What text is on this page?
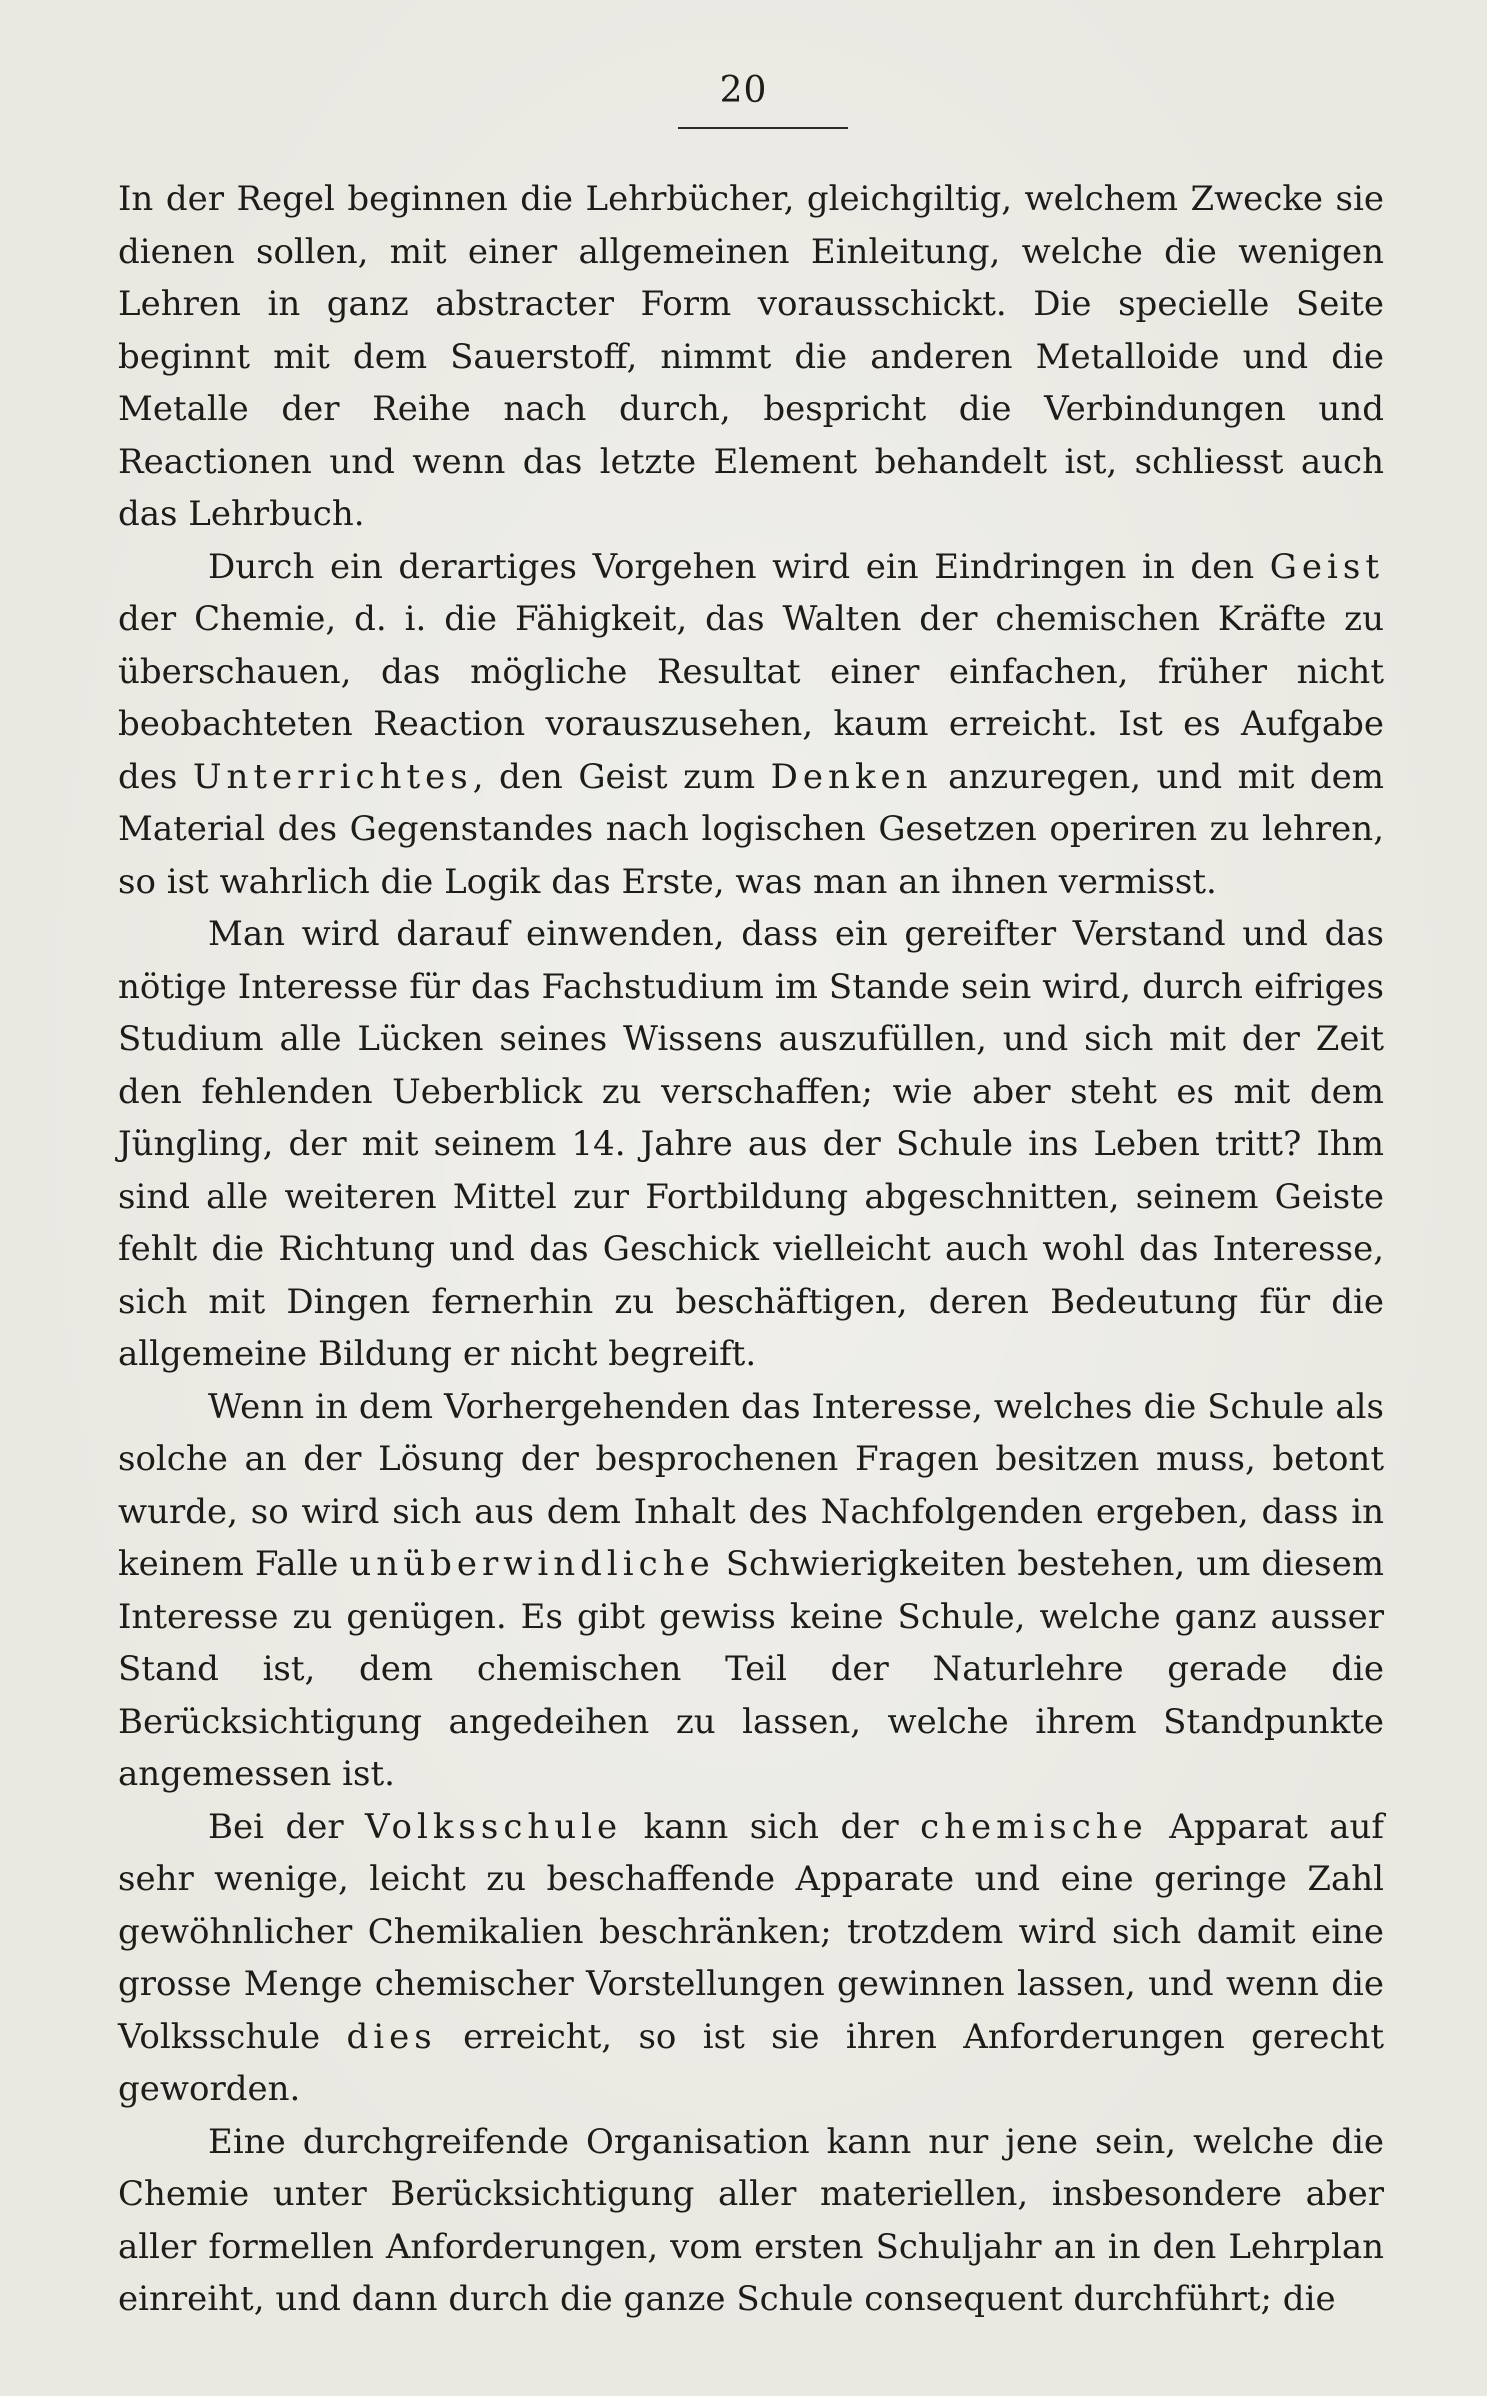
20

In der Regel beginnen die Lehrbücher, gleichgiltig, welchem Zwecke sie dienen sollen, mit einer allgemeinen Einleitung, welche die wenigen Lehren in ganz abstracter Form vorausschickt. Die specielle Seite beginnt mit dem Sauerstoff, nimmt die anderen Metalloide und die Metalle der Reihe nach durch, bespricht die Verbindungen und Reactionen und wenn das letzte Element behandelt ist, schliesst auch das Lehrbuch.

Durch ein derartiges Vorgehen wird ein Eindringen in den Geist der Chemie, d. i. die Fähigkeit, das Walten der chemischen Kräfte zu überschauen, das mögliche Resultat einer einfachen, früher nicht beobachteten Reaction vorauszusehen, kaum erreicht. Ist es Aufgabe des Unterrichtes, den Geist zum Denken anzuregen, und mit dem Material des Gegenstandes nach logischen Gesetzen operiren zu lehren, so ist wahrlich die Logik das Erste, was man an ihnen vermisst.

Man wird darauf einwenden, dass ein gereifter Verstand und das nötige Interesse für das Fachstudium im Stande sein wird, durch eifriges Studium alle Lücken seines Wissens auszufüllen, und sich mit der Zeit den fehlenden Ueberblick zu verschaffen; wie aber steht es mit dem Jüngling, der mit seinem 14. Jahre aus der Schule ins Leben tritt? Ihm sind alle weiteren Mittel zur Fortbildung abgeschnitten, seinem Geiste fehlt die Richtung und das Geschick vielleicht auch wohl das Interesse, sich mit Dingen fernerhin zu beschäftigen, deren Bedeutung für die allgemeine Bildung er nicht begreift.

Wenn in dem Vorhergehenden das Interesse, welches die Schule als solche an der Lösung der besprochenen Fragen besitzen muss, betont wurde, so wird sich aus dem Inhalt des Nachfolgenden ergeben, dass in keinem Falle unüberwindliche Schwierigkeiten bestehen, um diesem Interesse zu genügen. Es gibt gewiss keine Schule, welche ganz ausser Stand ist, dem chemischen Teil der Naturlehre gerade die Berücksichtigung angedeihen zu lassen, welche ihrem Standpunkte angemessen ist.

Bei der Volksschule kann sich der chemische Apparat auf sehr wenige, leicht zu beschaffende Apparate und eine geringe Zahl gewöhnlicher Chemikalien beschränken; trotzdem wird sich damit eine grosse Menge chemischer Vorstellungen gewinnen lassen, und wenn die Volksschule dies erreicht, so ist sie ihren Anforderungen gerecht geworden.

Eine durchgreifende Organisation kann nur jene sein, welche die Chemie unter Berücksichtigung aller materiellen, insbesondere aber aller formellen Anforderungen, vom ersten Schuljahr an in den Lehrplan einreiht, und dann durch die ganze Schule consequent durchführt; die
